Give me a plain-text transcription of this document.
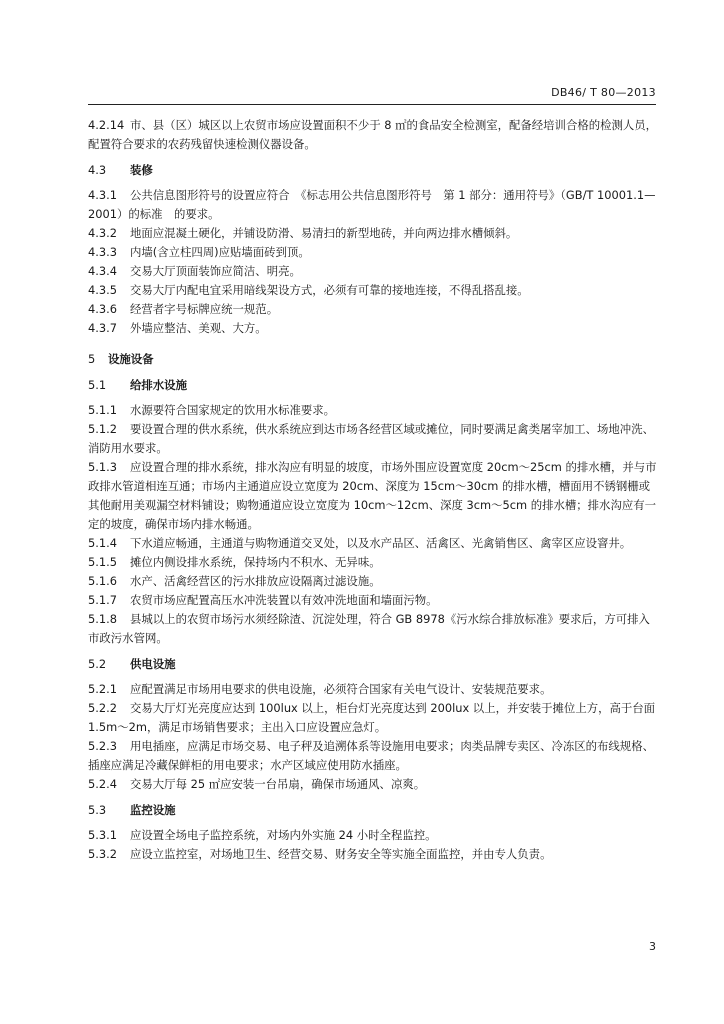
DB46/ T 80—2013

4.2.14 市、县（区）城区以上农贸市场应设置面积不少于 8 ㎡的食品安全检测室，配备经培训合格的检测人员，配置符合要求的农药残留快速检测仪器设备。

4.3 装修

4.3.1 公共信息图形符号的设置应符合　《标志用公共信息图形符号　第 1 部分：通用符号》（GB/T 10001.1—2001）的标准　的要求。

4.3.2 地面应混凝土硬化，并铺设防滑、易清扫的新型地砖，并向两边排水槽倾斜。

4.3.3 内墙(含立柱四周)应贴墙面砖到顶。

4.3.4 交易大厅顶面装饰应简洁、明亮。

4.3.5 交易大厅内配电宜采用暗线架设方式，必须有可靠的接地连接，不得乱搭乱接。

4.3.6 经营者字号标牌应统一规范。

4.3.7 外墙应整洁、美观、大方。

5 设施设备

5.1 给排水设施

5.1.1 水源要符合国家规定的饮用水标准要求。

5.1.2 要设置合理的供水系统，供水系统应到达市场各经营区域或摊位，同时要满足禽类屠宰加工、场地冲洗、消防用水要求。

5.1.3 应设置合理的排水系统，排水沟应有明显的坡度，市场外围应设置宽度 20cm～25cm 的排水槽，并与市政排水管道相连互通；市场内主通道应设立宽度为 20cm、深度为 15cm～30cm 的排水槽，槽面用不锈钢栅或其他耐用美观漏空材料铺设；购物通道应设立宽度为 10cm～12cm、深度 3cm～5cm 的排水槽；排水沟应有一定的坡度，确保市场内排水畅通。

5.1.4 下水道应畅通，主通道与购物通道交叉处，以及水产品区、活禽区、光禽销售区、禽宰区应设窨井。

5.1.5 摊位内侧设排水系统，保持场内不积水、无异味。

5.1.6 水产、活禽经营区的污水排放应设隔离过滤设施。

5.1.7 农贸市场应配置高压水冲洗装置以有效冲洗地面和墙面污物。

5.1.8 县城以上的农贸市场污水须经除渣、沉淀处理，符合 GB 8978《污水综合排放标准》要求后，方可排入市政污水管网。

5.2 供电设施

5.2.1 应配置满足市场用电要求的供电设施，必须符合国家有关电气设计、安装规范要求。

5.2.2 交易大厅灯光亮度应达到 100lux 以上，柜台灯光亮度达到 200lux 以上，并安装于摊位上方，高于台面 1.5m～2m，满足市场销售要求；主出入口应设置应急灯。

5.2.3 用电插座，应满足市场交易、电子秤及追溯体系等设施用电要求；肉类品牌专卖区、冷冻区的布线规格、插座应满足冷藏保鲜柜的用电要求；水产区域应使用防水插座。

5.2.4 交易大厅每 25 ㎡应安装一台吊扇，确保市场通风、凉爽。

5.3 监控设施

5.3.1 应设置全场电子监控系统，对场内外实施 24 小时全程监控。

5.3.2 应设立监控室，对场地卫生、经营交易、财务安全等实施全面监控，并由专人负责。

3
